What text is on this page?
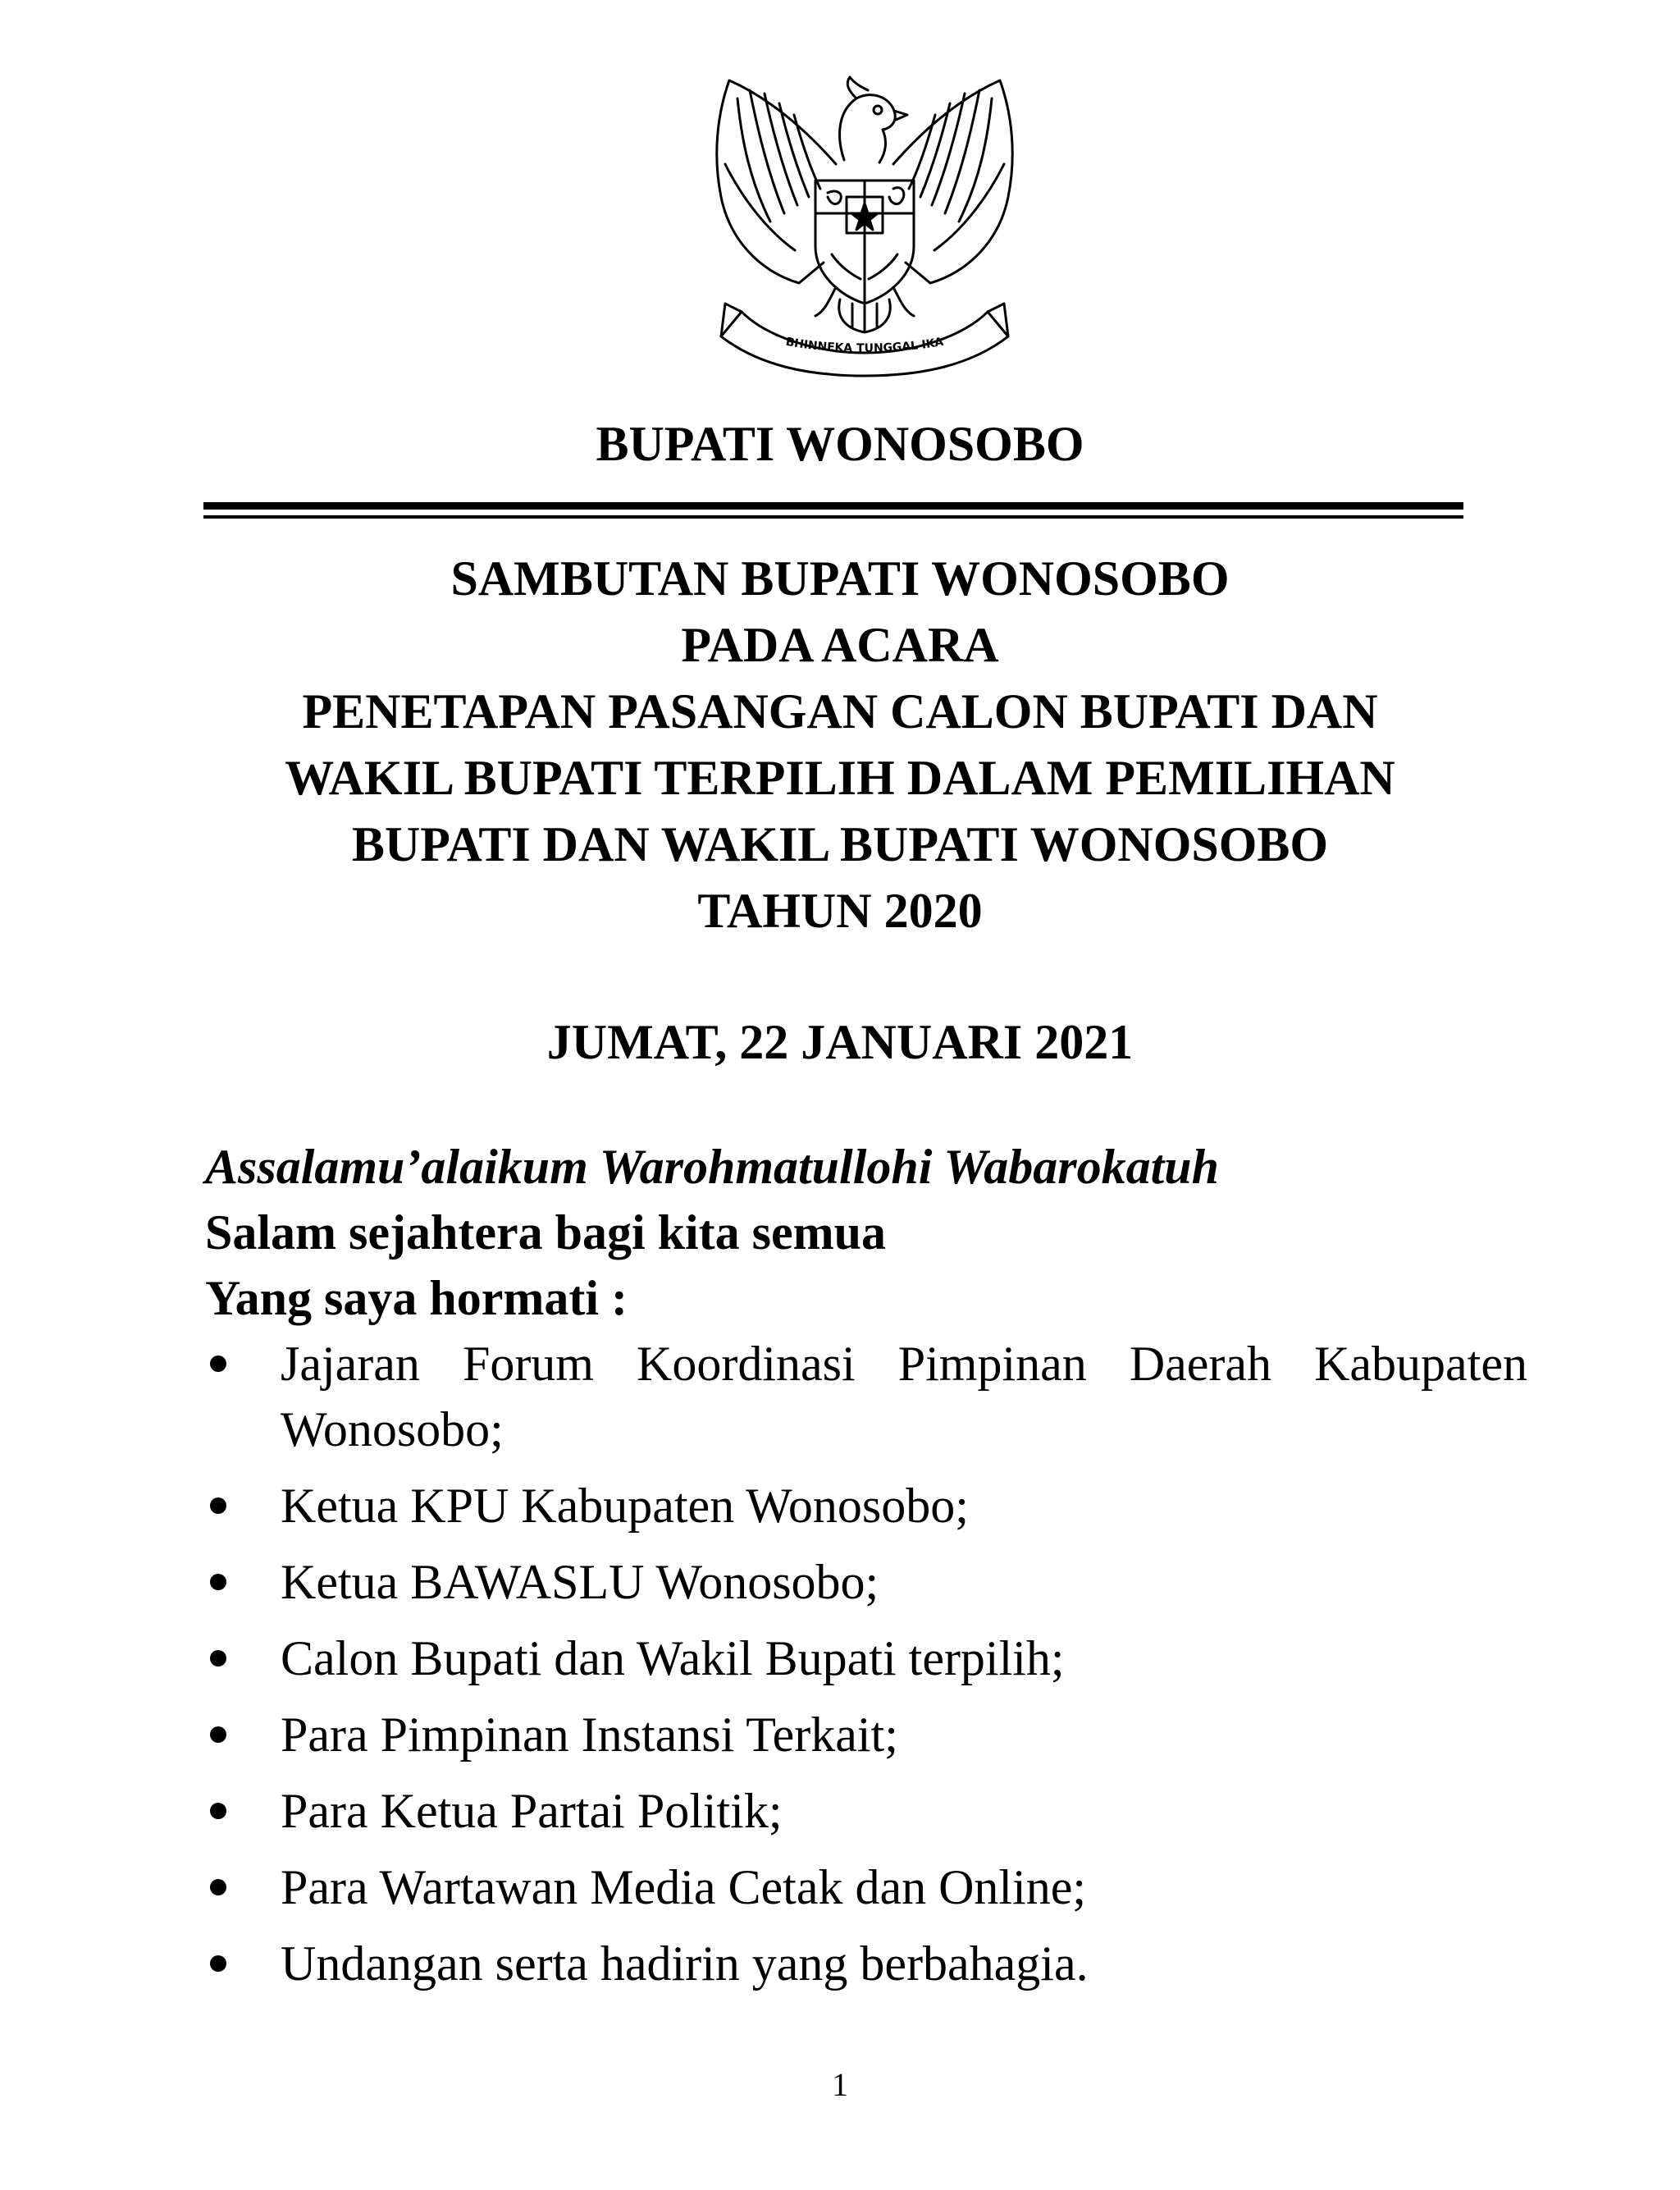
BHINNEKA TUNGGAL IKA
BUPATI WONOSOBO
SAMBUTAN BUPATI WONOSOBO
PADA ACARA
PENETAPAN PASANGAN CALON BUPATI DAN
WAKIL BUPATI TERPILIH DALAM PEMILIHAN
BUPATI DAN WAKIL BUPATI WONOSOBO
TAHUN 2020
JUMAT, 22 JANUARI 2021
Assalamu’alaikum Warohmatullohi Wabarokatuh
Salam sejahtera bagi kita semua
Yang saya hormati :
Jajaran Forum Koordinasi Pimpinan Daerah Kabupaten
Wonosobo;
Ketua KPU Kabupaten Wonosobo;
Ketua BAWASLU Wonosobo;
Calon Bupati dan Wakil Bupati terpilih;
Para Pimpinan Instansi Terkait;
Para Ketua Partai Politik;
Para Wartawan Media Cetak dan Online;
Undangan serta hadirin yang berbahagia.
1
